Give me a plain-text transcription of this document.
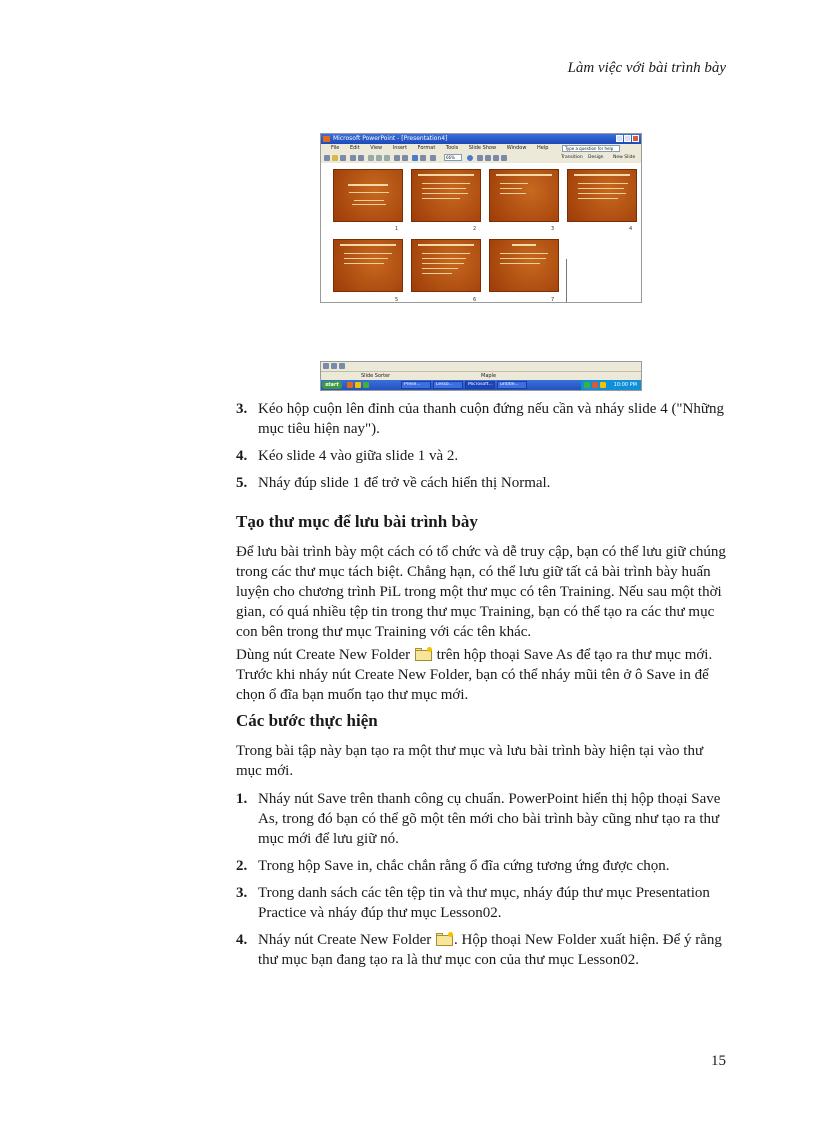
Làm việc với bài trình bày
Microsoft PowerPoint - [Presentation4]
File Edit View Insert Format Tools Slide Show Window Help	Type a question for help
66%	Transition Design New Slide
1	2	3	4
5	6	7
Slide Sorter	Maple
start	Prese...	Lesso...	Microsoft...	untitle...	10:00 PM
3. Kéo hộp cuộn lên đỉnh của thanh cuộn đứng nếu cần và nháy slide 4 ("Những mục tiêu hiện nay").
4. Kéo slide 4 vào giữa slide 1 và 2.
5. Nháy đúp slide 1 để trở về cách hiển thị Normal.
Tạo thư mục để lưu bài trình bày

Để lưu bài trình bày một cách có tổ chức và dễ truy cập, bạn có thể lưu giữ chúng trong các thư mục tách biệt. Chẳng hạn, có thể lưu giữ tất cả bài trình bày huấn luyện cho chương trình PiL trong một thư mục có tên Training. Nếu sau một thời gian, có quá nhiều tệp tin trong thư mục Training, bạn có thể tạo ra các thư mục con bên trong thư mục Training với các tên khác.

Dùng nút Create New Folder trên hộp thoại Save As để tạo ra thư mục mới. Trước khi nháy nút Create New Folder, bạn có thể nháy mũi tên ở ô Save in để chọn ổ đĩa bạn muốn tạo thư mục mới.

Các bước thực hiện

Trong bài tập này bạn tạo ra một thư mục và lưu bài trình bày hiện tại vào thư mục mới.

1. Nháy nút Save trên thanh công cụ chuẩn. PowerPoint hiển thị hộp thoại Save As, trong đó bạn có thể gõ một tên mới cho bài trình bày cũng như tạo ra thư mục mới để lưu giữ nó.
2. Trong hộp Save in, chắc chắn rằng ổ đĩa cứng tương ứng được chọn.
3. Trong danh sách các tên tệp tin và thư mục, nháy đúp thư mục Presentation Practice và nháy đúp thư mục Lesson02.
4. Nháy nút Create New Folder . Hộp thoại New Folder xuất hiện. Để ý rằng thư mục bạn đang tạo ra là thư mục con của thư mục Lesson02.
15
